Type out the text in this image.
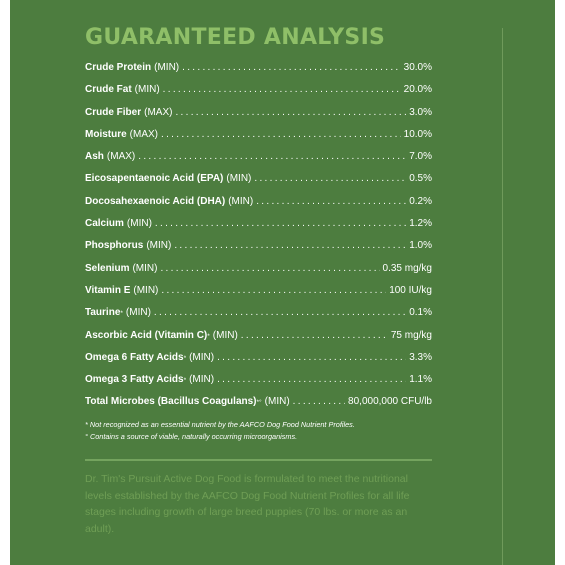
GUARANTEED ANALYSIS
Crude Protein (MIN) .....	30.0%
Crude Fat (MIN) .....	20.0%
Crude Fiber (MAX) .....	3.0%
Moisture (MAX) .....	10.0%
Ash (MAX) .....	7.0%
Eicosapentaenoic Acid (EPA) (MIN) .....	0.5%
Docosahexaenoic Acid (DHA) (MIN) .....	0.2%
Calcium (MIN) .....	1.2%
Phosphorus (MIN) .....	1.0%
Selenium (MIN) .....	0.35 mg/kg
Vitamin E (MIN) .....	100 IU/kg
Taurine * (MIN) .....	0.1%
Ascorbic Acid (Vitamin C) * (MIN) .....	75 mg/kg
Omega 6 Fatty Acids * (MIN) .....	3.3%
Omega 3 Fatty Acids * (MIN) .....	1.1%
Total Microbes (Bacillus Coagulans) *° (MIN) .....	80,000,000 CFU/lb
* Not recognized as an essential nutrient by the AAFCO Dog Food Nutrient Profiles.
° Contains a source of viable, naturally occurring microorganisms.
Dr. Tim's Pursuit Active Dog Food is formulated to meet the nutritional levels established by the AAFCO Dog Food Nutrient Profiles for all life stages including growth of large breed puppies (70 lbs. or more as an adult).
